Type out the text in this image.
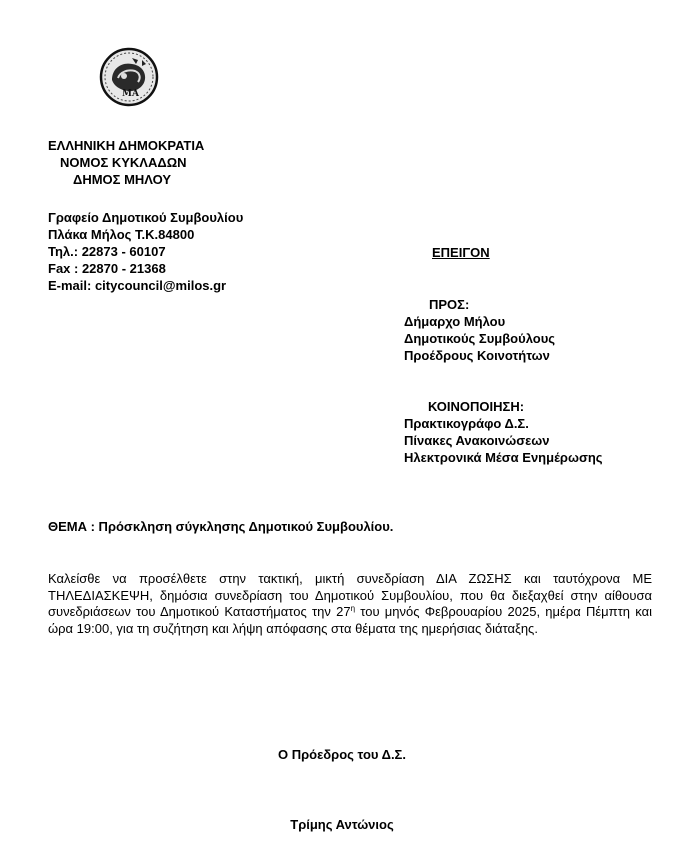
ΜΑ
ΕΛΛΗΝΙΚΗ ΔΗΜΟΚΡΑΤΙΑ
ΝΟΜΟΣ ΚΥΚΛΑΔΩΝ
ΔΗΜΟΣ ΜΗΛΟΥ
Γραφείο Δημοτικού Συμβουλίου
Πλάκα Μήλος Τ.Κ.84800
Τηλ.: 22873 - 60107
Fax : 22870 - 21368
E-mail: citycouncil@milos.gr
ΕΠΕΙΓΟΝ
ΠΡΟΣ:
Δήμαρχο Μήλου
Δημοτικούς Συμβούλους
Προέδρους Κοινοτήτων
ΚΟΙΝΟΠΟΙΗΣΗ:
Πρακτικογράφο Δ.Σ.
Πίνακες Ανακοινώσεων
Ηλεκτρονικά Μέσα Ενημέρωσης
ΘΕΜΑ : Πρόσκληση σύγκλησης Δημοτικού Συμβουλίου.
Καλείσθε να προσέλθετε στην τακτική, μικτή συνεδρίαση ΔΙΑ ΖΩΣΗΣ και ταυτόχρονα ΜΕ ΤΗΛΕΔΙΑΣΚΕΨΗ, δημόσια συνεδρίαση του Δημοτικού Συμβουλίου, που θα διεξαχθεί στην αίθουσα συνεδριάσεων του Δημοτικού Καταστήματος την $27^\eta$ του μηνός Φεβρουαρίου 2025, ημέρα Πέμπτη και ώρα 19:00, για τη συζήτηση και λήψη απόφασης στα θέματα της ημερήσιας διάταξης.
Ο Πρόεδρος του Δ.Σ.
Τρίμης Αντώνιος
